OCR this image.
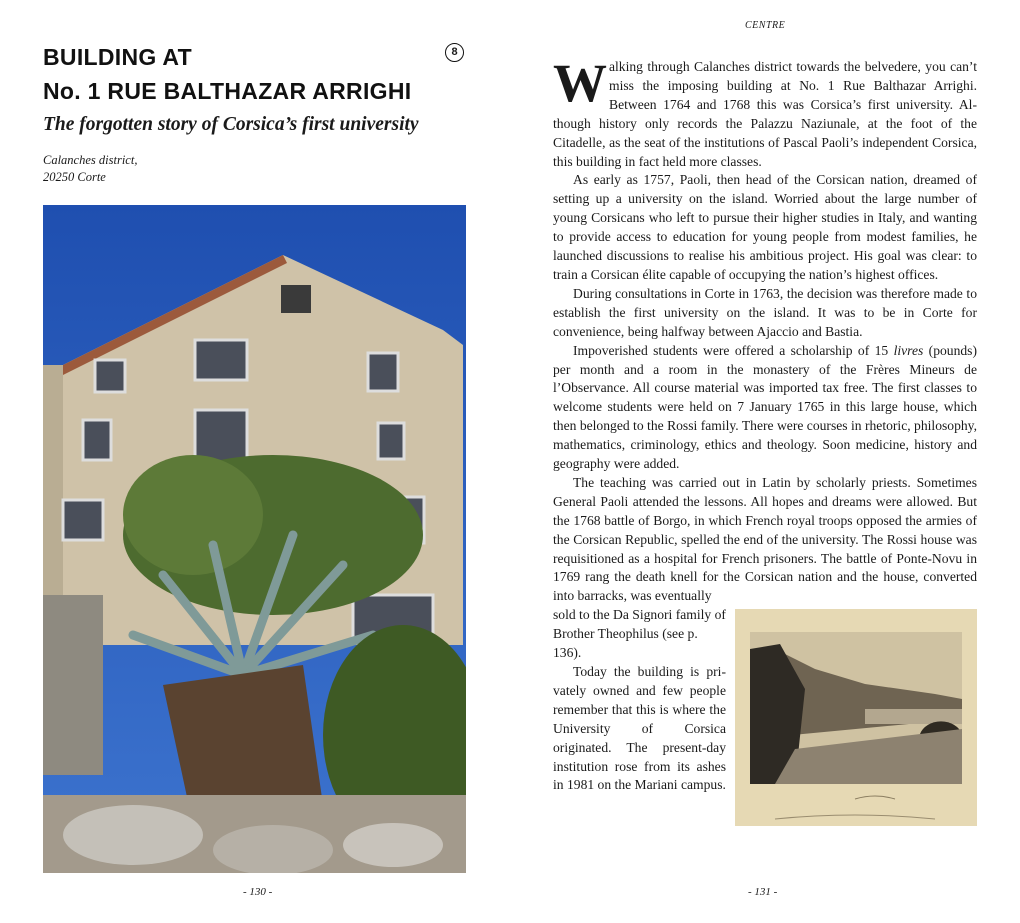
BUILDING AT
No. 1 RUE BALTHAZAR ARRIGHI
8
The forgotten story of Corsica’s first university
Calanches district,
20250 Corte
CENTRE

Walking through Calanches district towards the belvedere, you can’t miss the imposing building at No. 1 Rue Balthazar Arrighi. Between 1764 and 1768 this was Corsica’s first university. Although history only records the Palazzu Naziunale, at the foot of the Citadelle, as the seat of the institutions of Pascal Paoli’s independent Corsica, this building in fact held more classes.

As early as 1757, Paoli, then head of the Corsican nation, dreamed of setting up a university on the island. Worried about the large number of young Corsicans who left to pursue their higher studies in Italy, and wanting to provide access to education for young people from modest families, he launched discussions to realise his ambitious project. His goal was clear: to train a Corsican élite capable of occupying the nation’s highest offices.

During consultations in Corte in 1763, the decision was therefore made to establish the first university on the island. It was to be in Corte for convenience, being halfway between Ajaccio and Bastia.

Impoverished students were offered a scholarship of 15 livres (pounds) per month and a room in the monastery of the Frères Mineurs de l’Observance. All course material was imported tax free. The first classes to welcome students were held on 7 January 1765 in this large house, which then belonged to the Rossi family. There were courses in rhetoric, philosophy, mathematics, criminology, ethics and theology. Soon medicine, history and geography were added.

The teaching was carried out in Latin by scholarly priests. Sometimes General Paoli attended the lessons. All hopes and dreams were allowed. But the 1768 battle of Borgo, in which French royal troops opposed the armies of the Corsican Republic, spelled the end of the university. The Rossi house was requisitioned as a hospital for French prisoners. The battle of Ponte-Novu in 1769 rang the death knell for the Corsican nation and the house, converted into barracks, was eventually

sold to the Da Signori family of Brother Theophilus (see p. 136).

Today the building is privately owned and few people remember that this is where the University of Corsica originated. The present-day institution rose from its ashes in 1981 on the Mariani campus.

- 130 -	- 131 -
